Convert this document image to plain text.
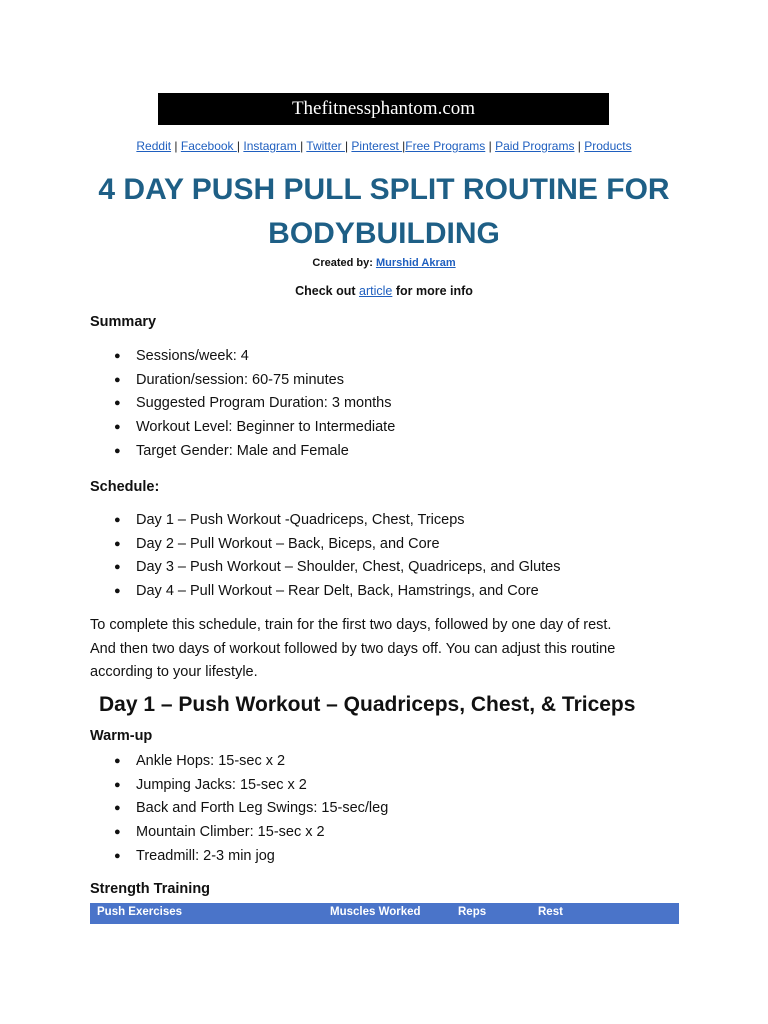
Thefitnessphantom.com
Reddit | Facebook | Instagram | Twitter | Pinterest |Free Programs | Paid Programs | Products
4 DAY PUSH PULL SPLIT ROUTINE FOR
BODYBUILDING
Created by: Murshid Akram
Check out article for more info
Summary
● Sessions/week: 4
● Duration/session: 60-75 minutes
● Suggested Program Duration: 3 months
● Workout Level: Beginner to Intermediate
● Target Gender: Male and Female
Schedule:
● Day 1 – Push Workout -Quadriceps, Chest, Triceps
● Day 2 – Pull Workout – Back, Biceps, and Core
● Day 3 – Push Workout – Shoulder, Chest, Quadriceps, and Glutes
● Day 4 – Pull Workout – Rear Delt, Back, Hamstrings, and Core

To complete this schedule, train for the first two days, followed by one day of rest.
And then two days of workout followed by two days off. You can adjust this routine
according to your lifestyle.

Day 1 – Push Workout – Quadriceps, Chest, & Triceps
Warm-up
● Ankle Hops: 15-sec x 2
● Jumping Jacks: 15-sec x 2
● Back and Forth Leg Swings: 15-sec/leg
● Mountain Climber: 15-sec x 2
● Treadmill: 2-3 min jog
Strength Training
Push Exercises	Muscles Worked	Reps	Rest
